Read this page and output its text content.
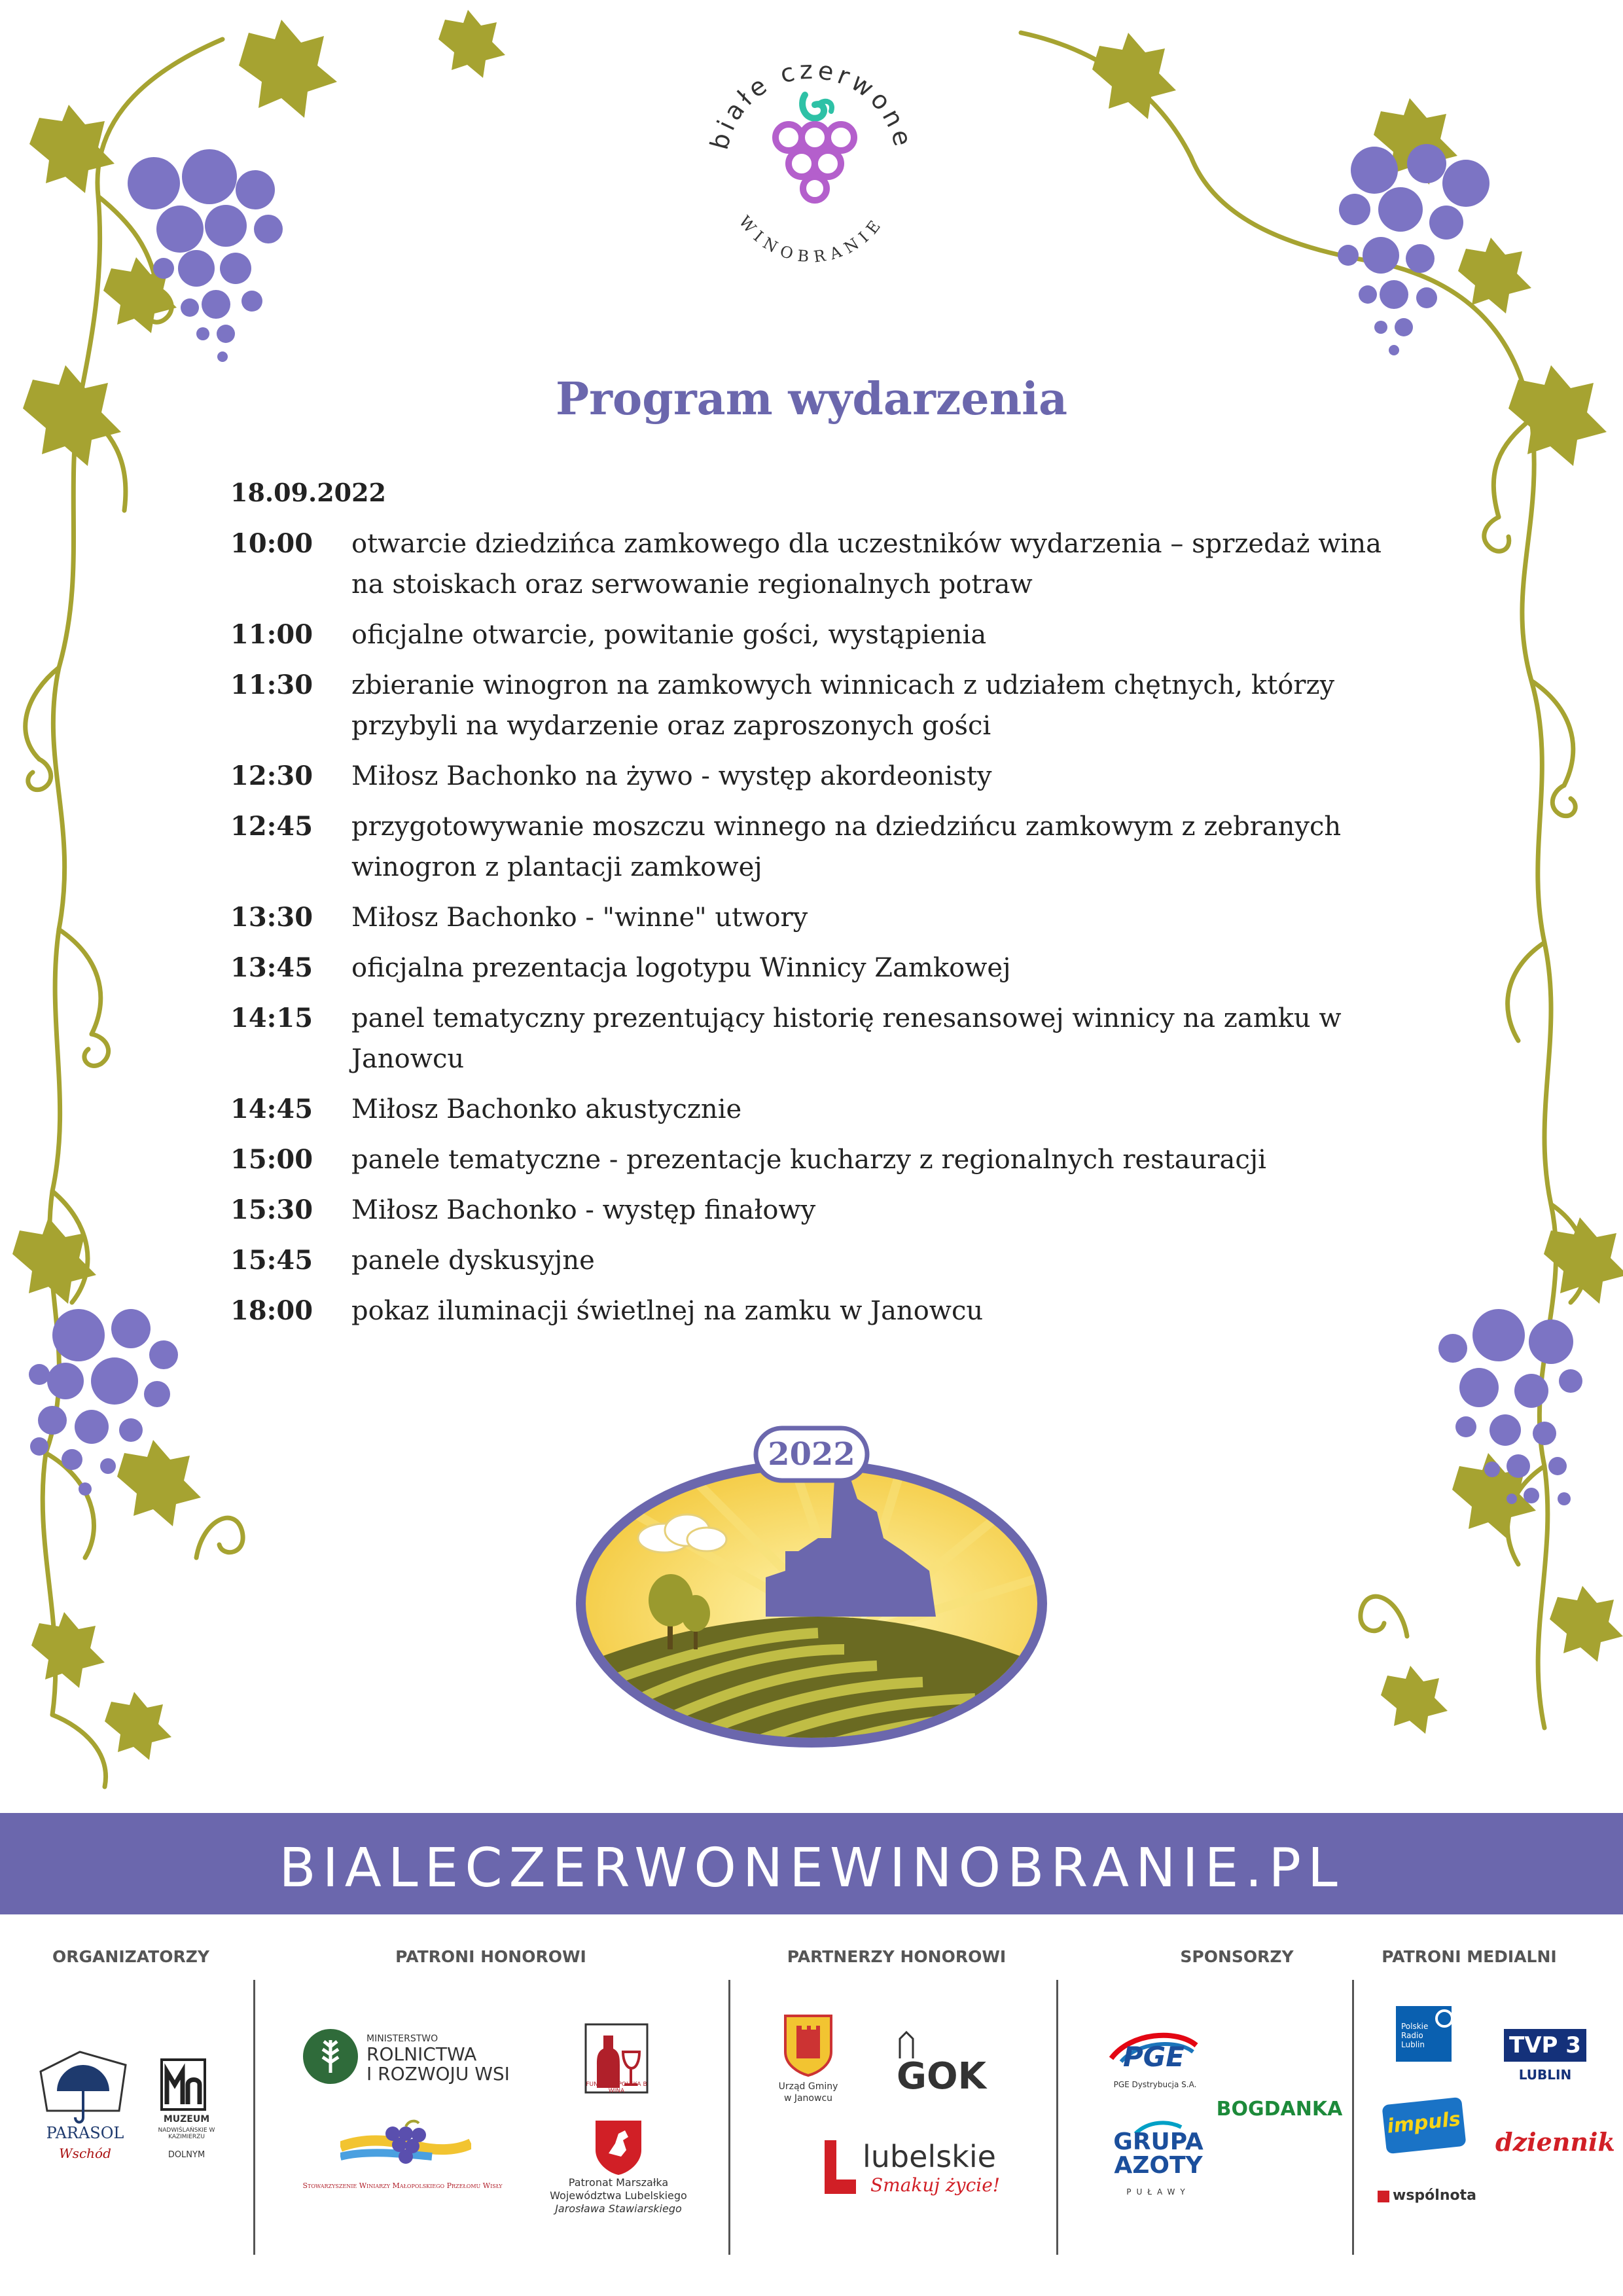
białe czerwone
WINOBRANIE
Program wydarzenia
18.09.2022
10:00	otwarcie dziedzińca zamkowego dla uczestników wydarzenia – sprzedaż wina na stoiskach oraz serwowanie regionalnych potraw
11:00	oficjalne otwarcie, powitanie gości, wystąpienia
11:30	zbieranie winogron na zamkowych winnicach z udziałem chętnych, którzy przybyli na wydarzenie oraz zaproszonych gości
12:30	Miłosz Bachonko na żywo - występ akordeonisty
12:45	przygotowywanie moszczu winnego na dziedzińcu zamkowym z zebranych winogron z plantacji zamkowej
13:30	Miłosz Bachonko - "winne" utwory
13:45	oficjalna prezentacja logotypu Winnicy Zamkowej
14:15	panel tematyczny prezentujący historię renesansowej winnicy na zamku w Janowcu
14:45	Miłosz Bachonko akustycznie
15:00	panele tematyczne - prezentacje kucharzy z regionalnych restauracji
15:30	Miłosz Bachonko - występ finałowy
15:45	panele dyskusyjne
18:00	pokaz iluminacji świetlnej na zamku w Janowcu
2022
BIALECZERWONEWINOBRANIE.PL
ORGANIZATORZY	PATRONI HONOROWI	PARTNERZY HONOROWI	SPONSORZY	PATRONI MEDIALNI
PARASOL
Wschód
MUZEUM
NADWIŚLAŃSKIE W KAZIMIERZU
DOLNYM
MINISTERSTWO
ROLNICTWA
I ROZWOJU WSI	FUNDACJA POLSKA B WINA
Stowarzyszenie Winiarzy Małopolskiego Przełomu Wisły	Patronat Marszałka
Województwa Lubelskiego
Jarosława Stawiarskiego
Urząd Gminy
w Janowcu
GOK
lubelskie
Smakuj życie!
PGE
PGE Dystrybucja S.A.
BOGDANKA
GRUPA
AZOTY
PUŁAWY
Polskie
Radio
Lublin	TVP 3
LUBLIN
impuls
dziennik
wspólnota
